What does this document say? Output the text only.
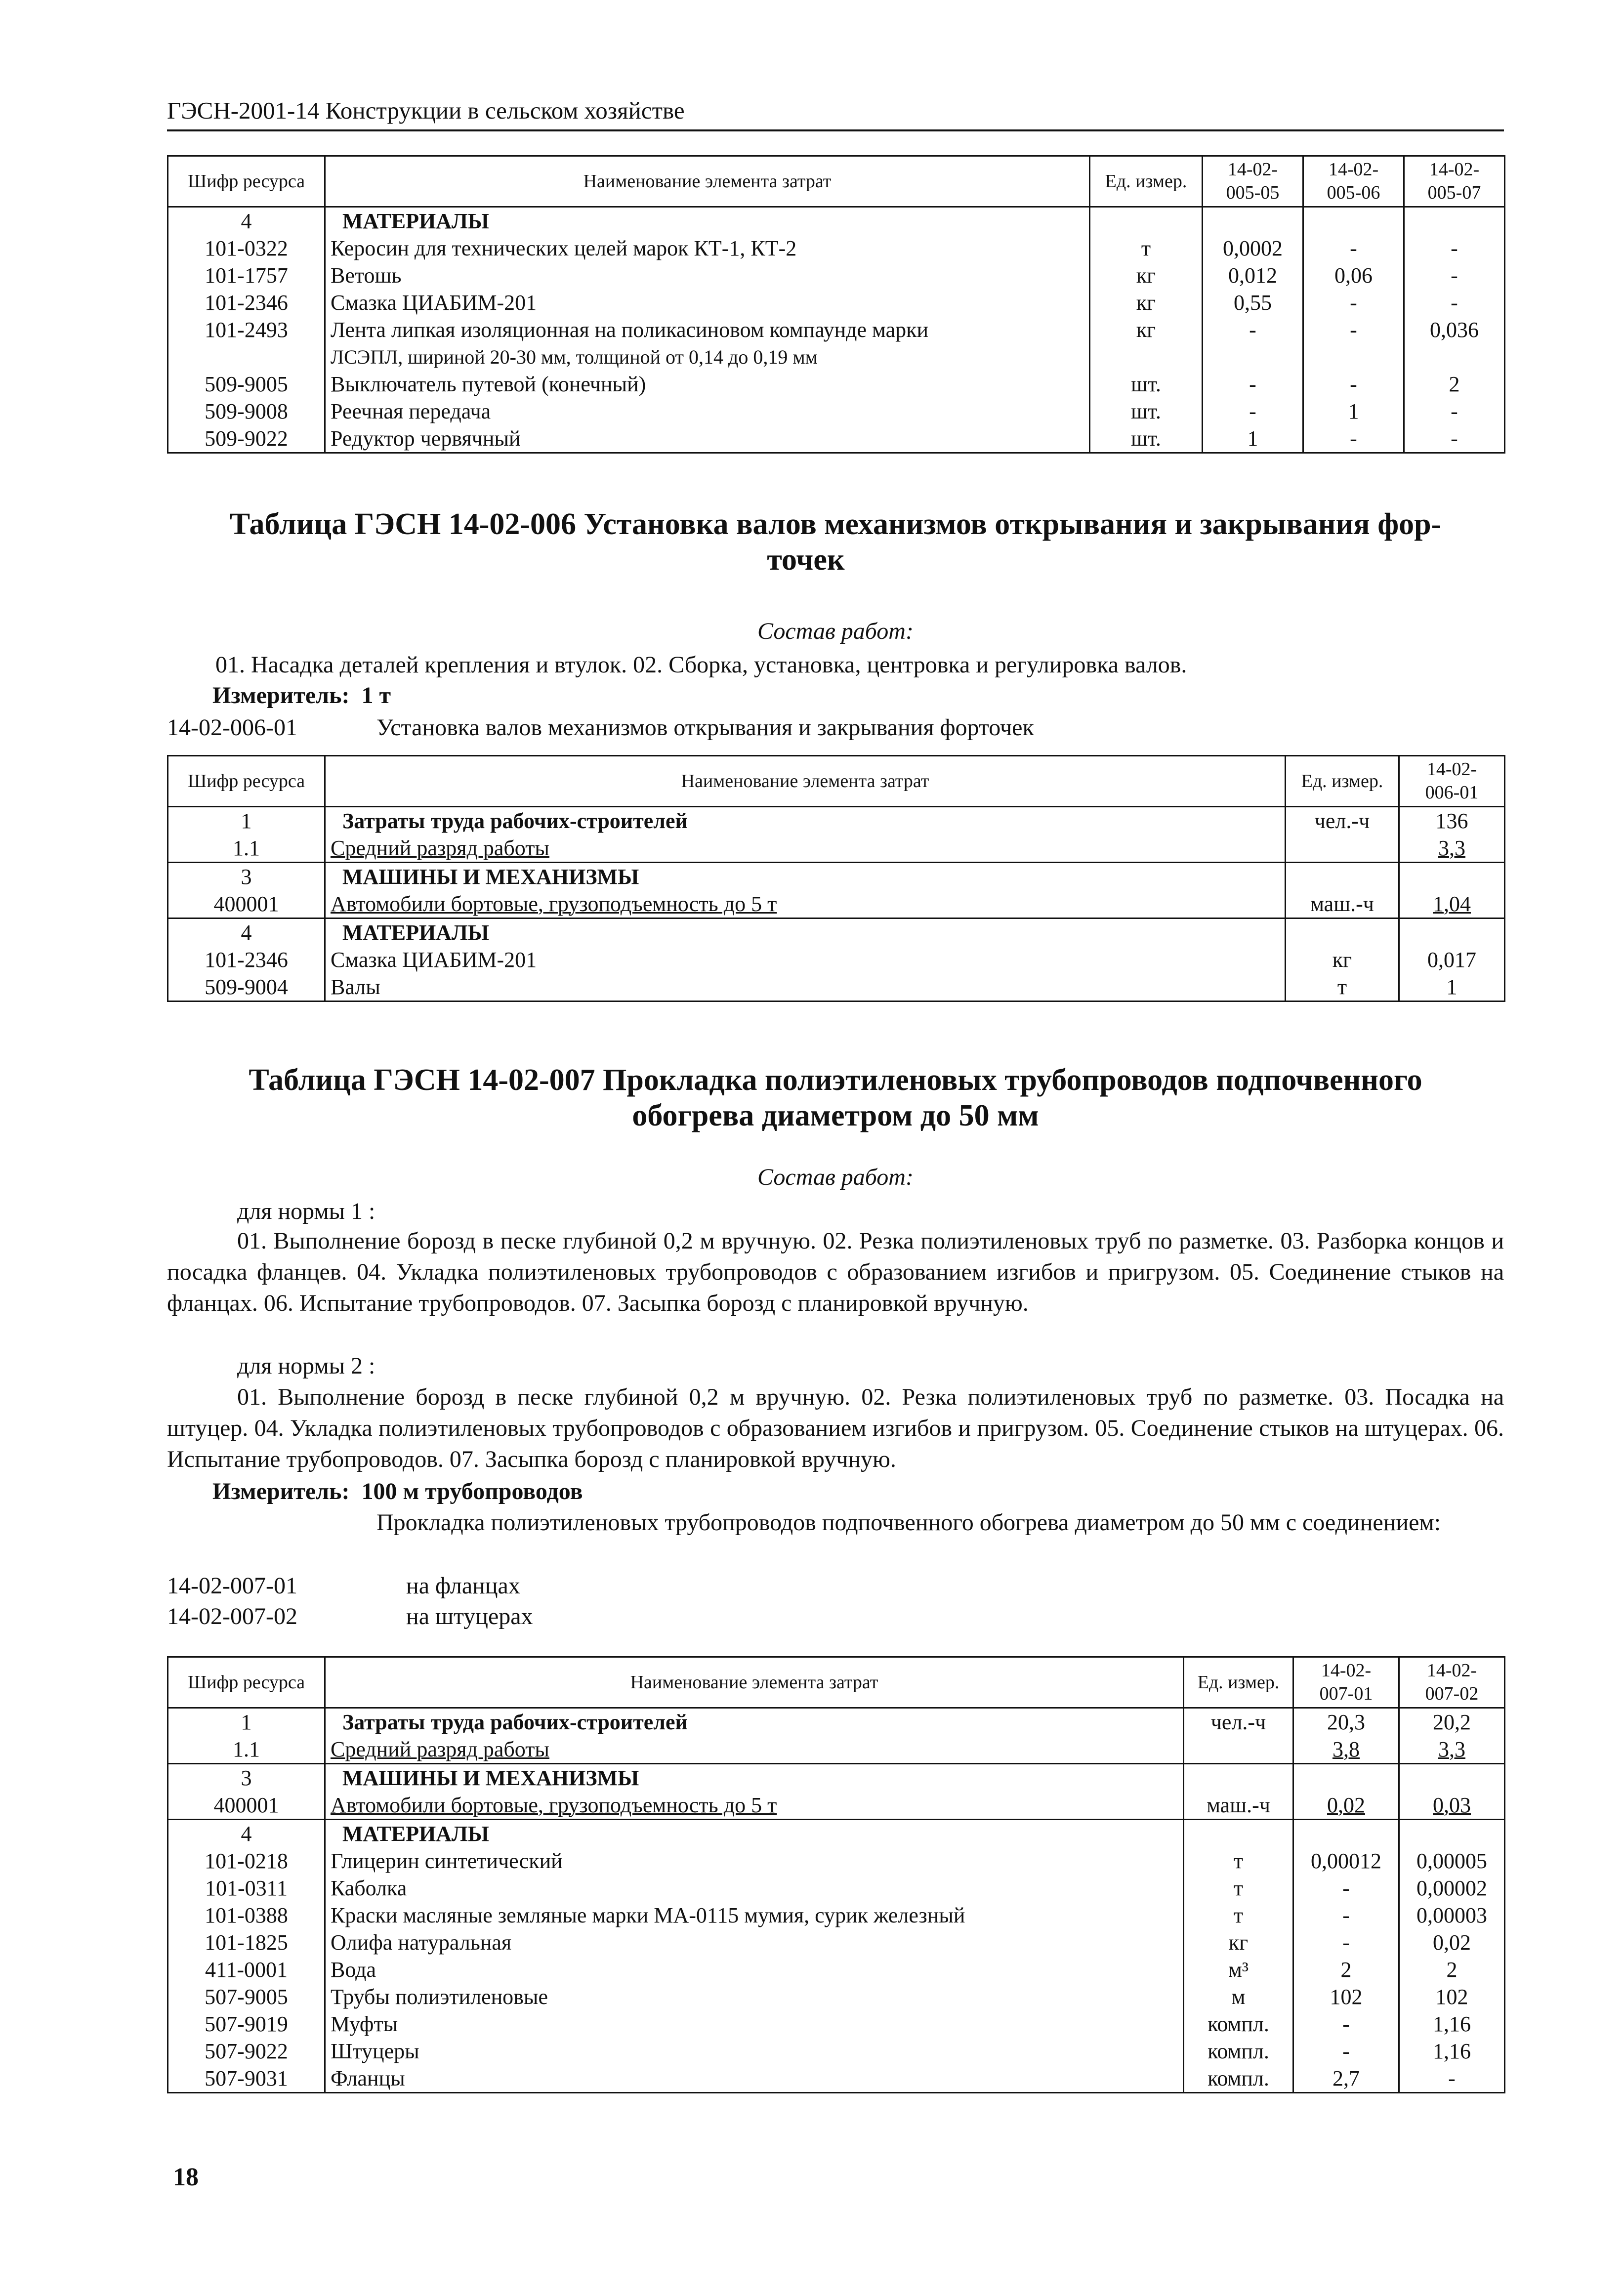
ГЭСН-2001-14 Конструкции в сельском хозяйстве
Шифр ресурса	Наименование элемента затрат	Ед. измер.	14-02-
005-05	14-02-
005-06	14-02-
005-07
4	МАТЕРИАЛЫ				
101-0322	Керосин для технических целей марок КТ-1, КТ-2	т	0,0002	-	-
101-1757	Ветошь	кг	0,012	0,06	-
101-2346	Смазка ЦИАБИМ-201	кг	0,55	-	-
101-2493	Лента липкая изоляционная на поликасиновом компаунде марки	кг	-	-	0,036
	ЛСЭПЛ, шириной 20-30 мм, толщиной от 0,14 до 0,19 мм				
509-9005	Выключатель путевой (конечный)	шт.	-	-	2
509-9008	Реечная передача	шт.	-	1	-
509-9022	Редуктор червячный	шт.	1	-	-
Таблица ГЭСН 14-02-006 Установка валов механизмов открывания и закрывания фор-
точек
Состав работ:
01. Насадка деталей крепления и втулок. 02. Сборка, установка, центровка и регулировка валов.
Измеритель: 1 т
14-02-006-01	Установка валов механизмов открывания и закрывания форточек
Шифр ресурса	Наименование элемента затрат	Ед. измер.	14-02-
006-01
1	Затраты труда рабочих-строителей	чел.-ч	136
1.1	Средний разряд работы		3,3
3	МАШИНЫ И МЕХАНИЗМЫ		
400001	Автомобили бортовые, грузоподъемность до 5 т	маш.-ч	1,04
4	МАТЕРИАЛЫ		
101-2346	Смазка ЦИАБИМ-201	кг	0,017
509-9004	Валы	т	1
Таблица ГЭСН 14-02-007 Прокладка полиэтиленовых трубопроводов подпочвенного
обогрева диаметром до 50 мм
Состав работ:
для нормы 1 :
01. Выполнение борозд в песке глубиной 0,2 м вручную. 02. Резка полиэтиленовых труб по разметке. 03. Разборка концов и посадка фланцев. 04. Укладка полиэтиленовых трубопроводов с образованием изгибов и пригрузом. 05. Соединение стыков на фланцах. 06. Испытание трубопроводов. 07. Засыпка борозд с планировкой вручную.
для нормы 2 :
01. Выполнение борозд в песке глубиной 0,2 м вручную. 02. Резка полиэтиленовых труб по разметке. 03. Посадка на штуцер. 04. Укладка полиэтиленовых трубопроводов с образованием изгибов и пригрузом. 05. Соединение стыков на штуцерах. 06. Испытание трубопроводов. 07. Засыпка борозд с планировкой вручную.
Измеритель: 100 м трубопроводов
Прокладка полиэтиленовых трубопроводов подпочвенного обогрева диаметром до 50 мм с соединением:
14-02-007-01	на фланцах
14-02-007-02	на штуцерах
Шифр ресурса	Наименование элемента затрат	Ед. измер.	14-02-
007-01	14-02-
007-02
1	Затраты труда рабочих-строителей	чел.-ч	20,3	20,2
1.1	Средний разряд работы		3,8	3,3
3	МАШИНЫ И МЕХАНИЗМЫ			
400001	Автомобили бортовые, грузоподъемность до 5 т	маш.-ч	0,02	0,03
4	МАТЕРИАЛЫ			
101-0218	Глицерин синтетический	т	0,00012	0,00005
101-0311	Каболка	т	-	0,00002
101-0388	Краски масляные земляные марки МА-0115 мумия, сурик железный	т	-	0,00003
101-1825	Олифа натуральная	кг	-	0,02
411-0001	Вода	м³	2	2
507-9005	Трубы полиэтиленовые	м	102	102
507-9019	Муфты	компл.	-	1,16
507-9022	Штуцеры	компл.	-	1,16
507-9031	Фланцы	компл.	2,7	-
18
